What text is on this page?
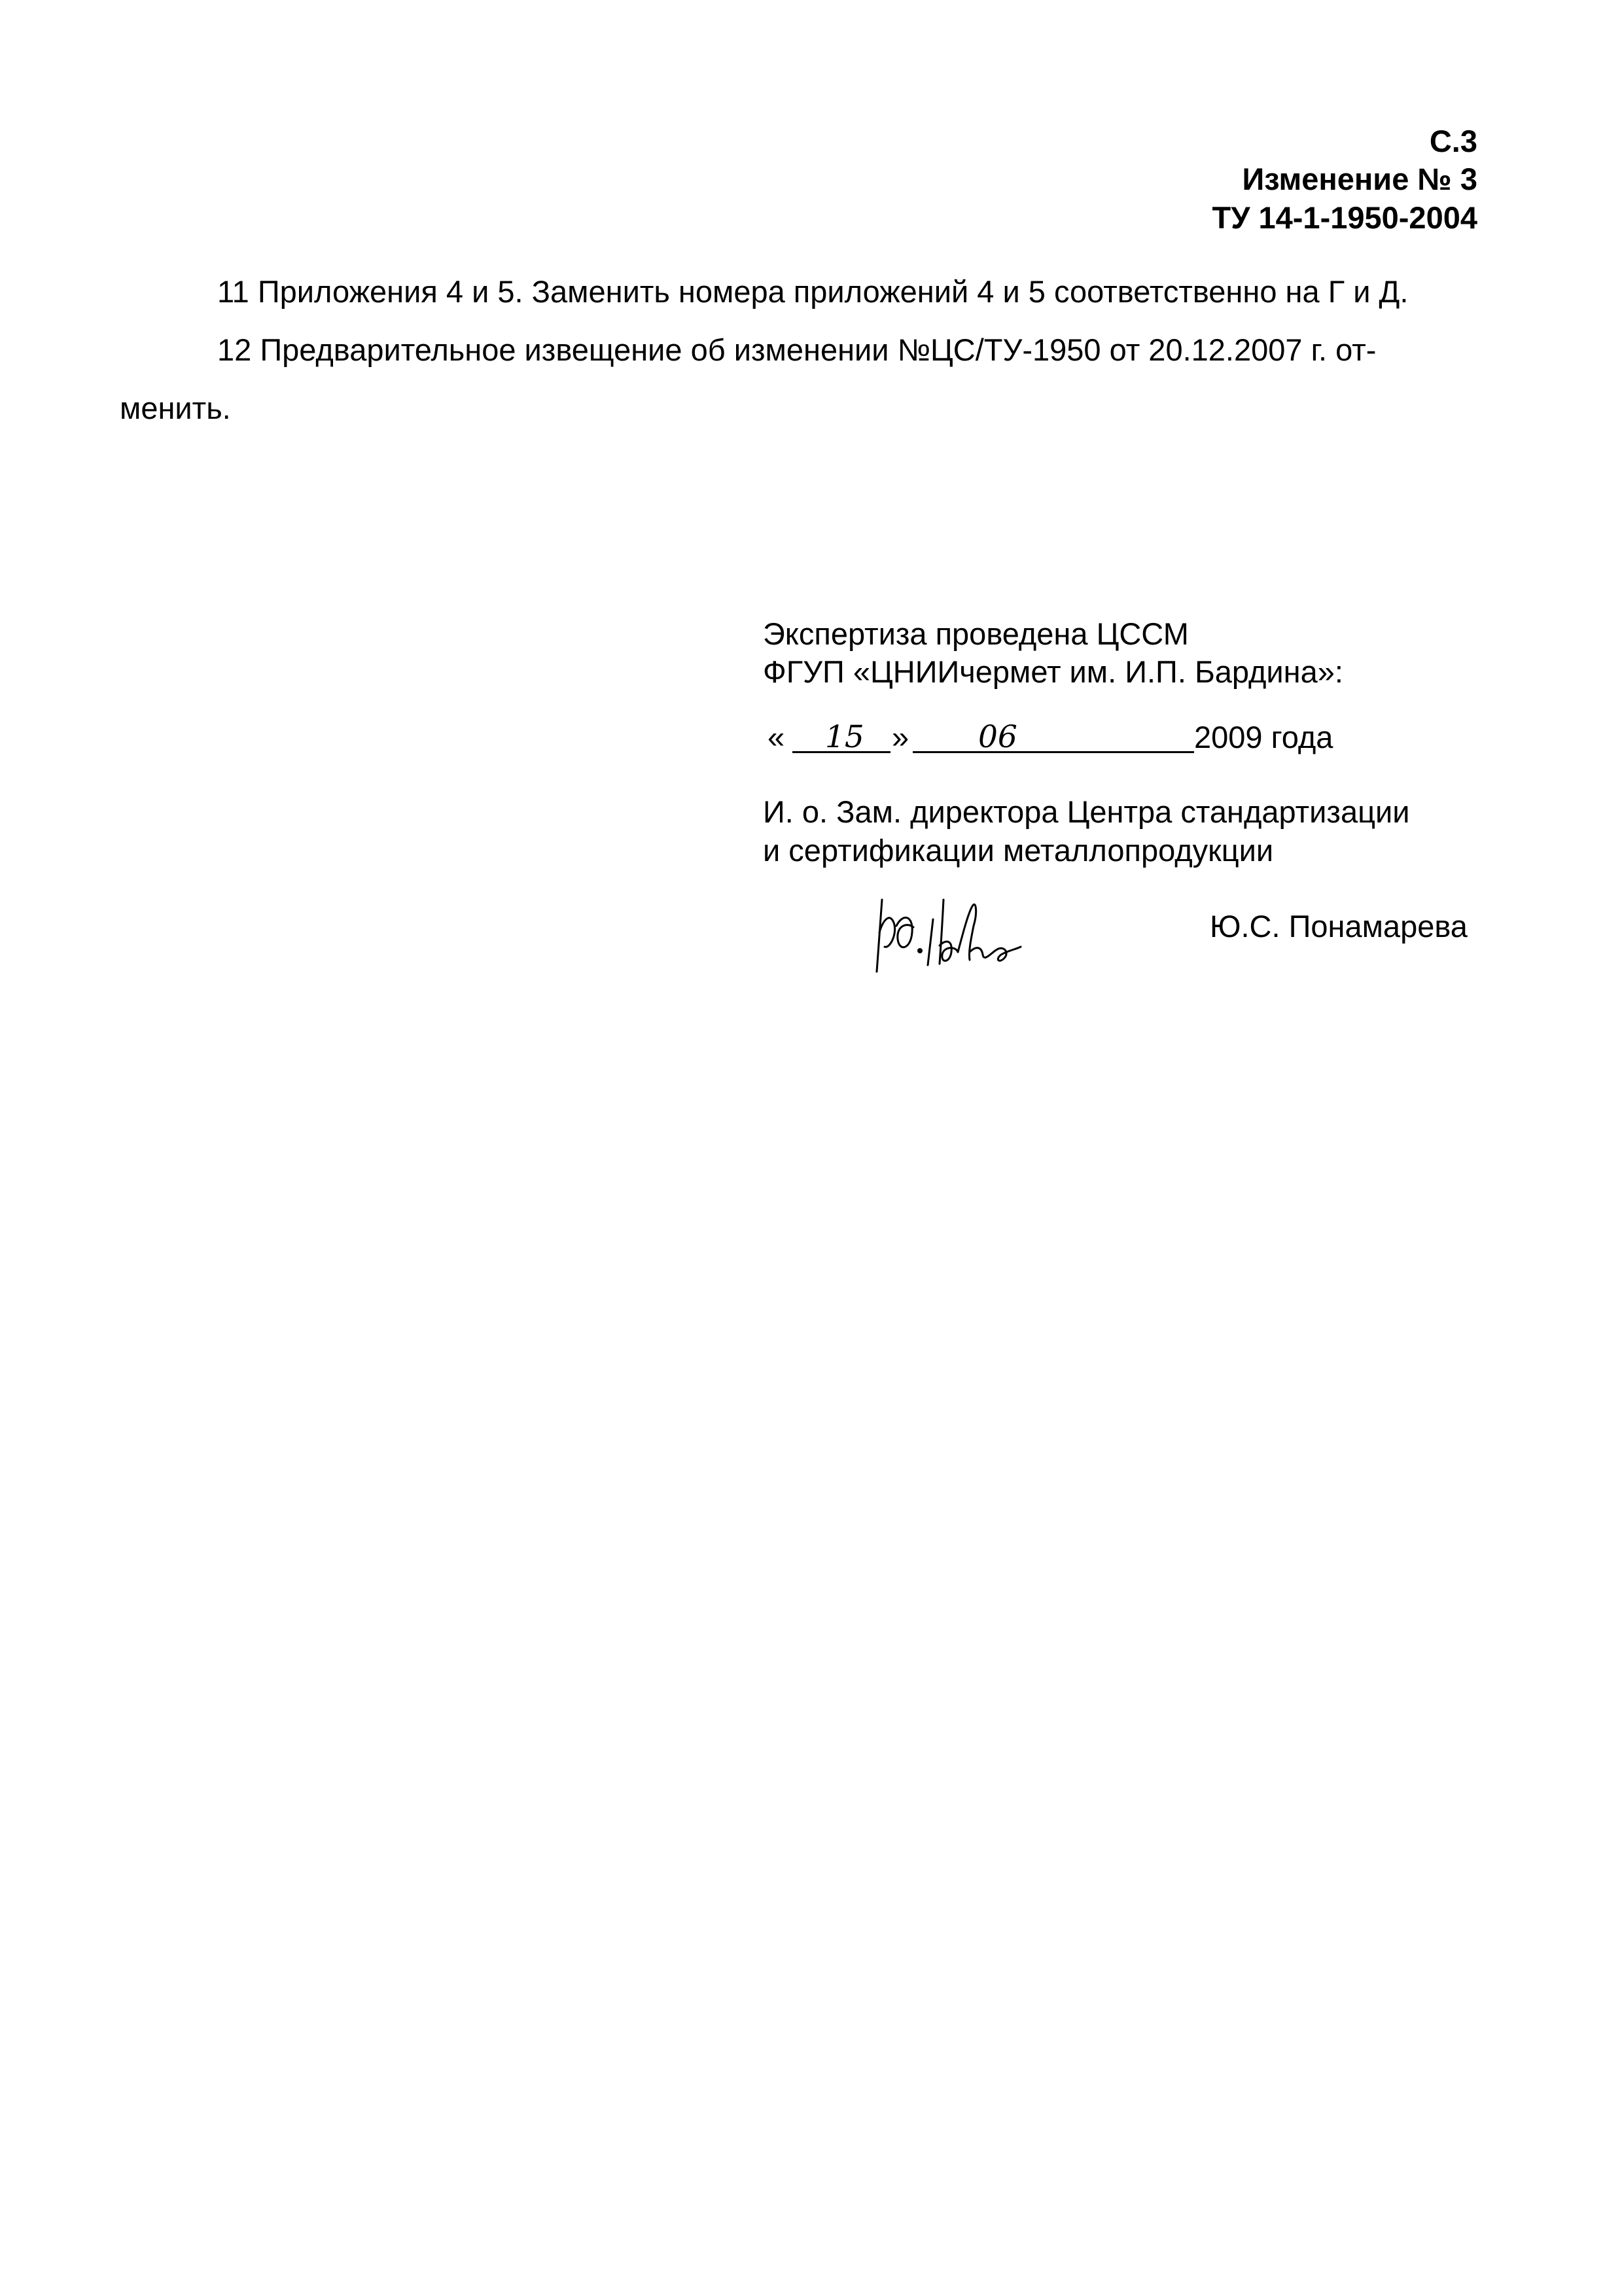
С.3
Изменение № 3
ТУ 14-1-1950-2004
11 Приложения 4 и 5. Заменить номера приложений 4 и 5 соответственно на Г и Д.
12 Предварительное извещение об изменении №ЦС/ТУ-1950 от 20.12.2007 г. от-
менить.
Экспертиза проведена ЦССМ
ФГУП «ЦНИИчермет им. И.П. Бардина»:
« 15 » 06	2009 года
И. о. Зам. директора Центра стандартизации
и сертификации металлопродукции
Ю. Пона
Ю.С. Понамарева
